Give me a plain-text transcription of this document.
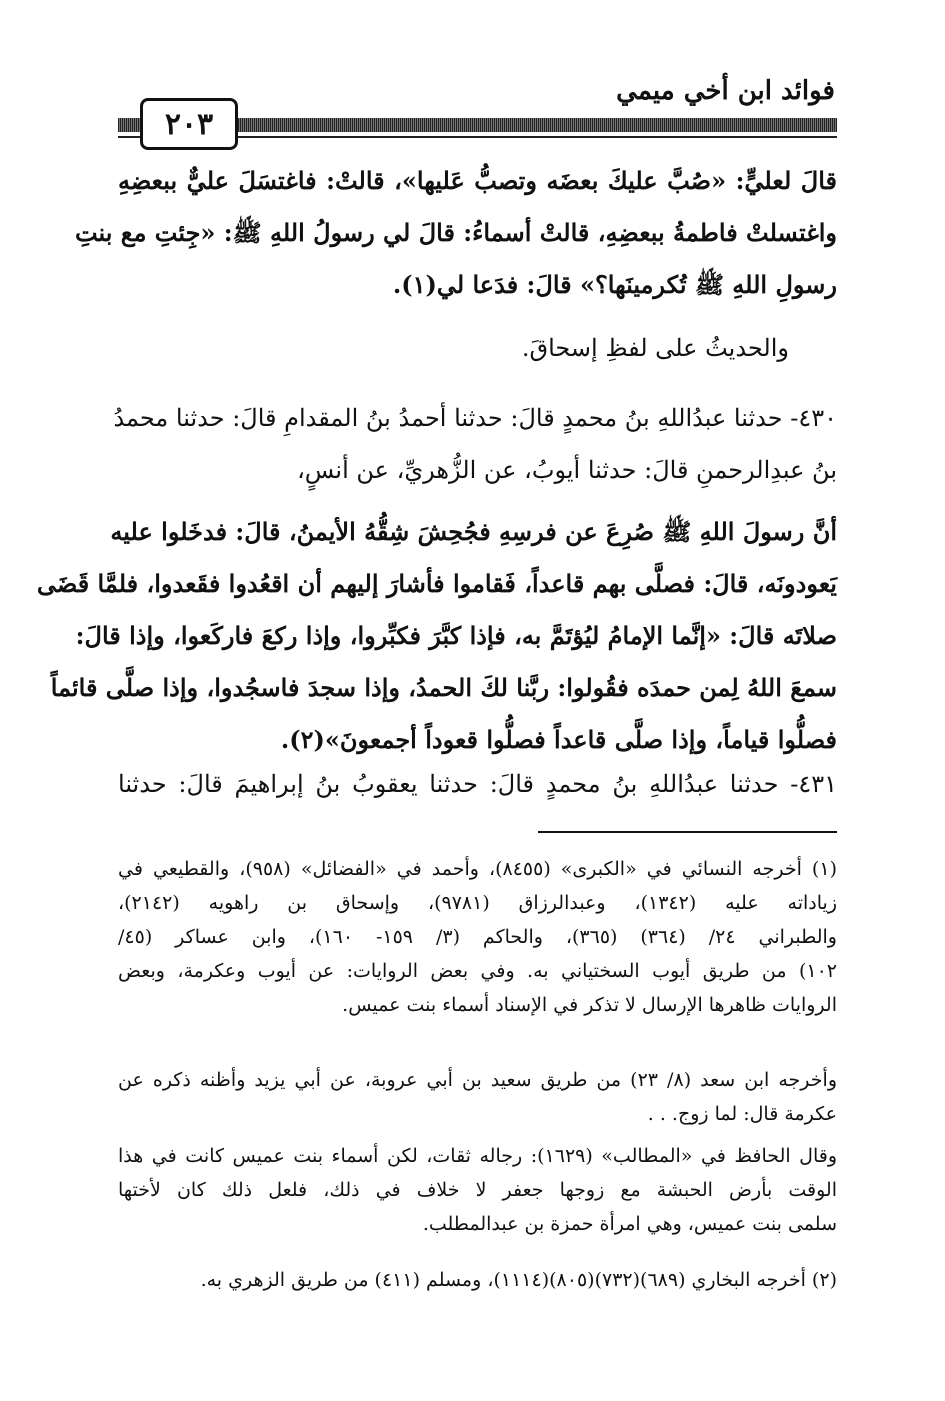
فوائد ابن أخي ميمي
٢٠٣
قالَ لعليٍّ: «صُبَّ عليكَ بعضَه وتصبُّ عَليها»، قالتْ: فاغتسَلَ عليٌّ ببعضِهِ
واغتسلتْ فاطمةُ ببعضِهِ، قالتْ أسماءُ: قالَ لي رسولُ اللهِ ﷺ: «جِئتِ مع بنتِ
رسولِ اللهِ ﷺ تُكرمينَها؟» قالَ: فدَعا لي(١).
والحديثُ على لفظِ إسحاقَ.
٤٣٠- حدثنا عبدُاللهِ بنُ محمدٍ قالَ: حدثنا أحمدُ بنُ المقدامِ قالَ: حدثنا محمدُ
بنُ عبدِالرحمنِ قالَ: حدثنا أيوبُ، عن الزُّهريِّ، عن أنسٍ،
أنَّ رسولَ اللهِ ﷺ صُرِعَ عن فرسِهِ فجُحِشَ شِقُّهُ الأيمنُ، قالَ: فدخَلوا عليه
يَعودونَه، قالَ: فصلَّى بهم قاعداً، فَقاموا فأشارَ إليهم أن اقعُدوا فقَعدوا، فلمَّا قَضَى
صلاتَه قالَ: «إنَّما الإمامُ ليُؤتَمَّ به، فإذا كبَّرَ فكبِّروا، وإذا ركعَ فاركَعوا، وإذا قالَ:
سمعَ اللهُ لِمن حمدَه فقُولوا: ربَّنا لكَ الحمدُ، وإذا سجدَ فاسجُدوا، وإذا صلَّى قائماً
فصلُّوا قياماً، وإذا صلَّى قاعداً فصلُّوا قعوداً أجمعونَ»(٢).
٤٣١- حدثنا عبدُاللهِ بنُ محمدٍ قالَ: حدثنا يعقوبُ بنُ إبراهيمَ قالَ: حدثنا
(١) أخرجه النسائي في «الكبرى» (٨٤٥٥)، وأحمد في «الفضائل» (٩٥٨)، والقطيعي في
زياداته عليه (١٣٤٢)، وعبدالرزاق (٩٧٨١)، وإسحاق بن راهويه (٢١٤٢)،
والطبراني ٢٤/ (٣٦٤) (٣٦٥)، والحاكم (٣/ ١٥٩- ١٦٠)، وابن عساكر (٤٥/
١٠٢) من طريق أيوب السختياني به. وفي بعض الروايات: عن أيوب وعكرمة، وبعض
الروايات ظاهرها الإرسال لا تذكر في الإسناد أسماء بنت عميس.
وأخرجه ابن سعد (٨/ ٢٣) من طريق سعيد بن أبي عروبة، عن أبي يزيد وأظنه ذكره عن
عكرمة قال: لما زوج. . .
وقال الحافظ في «المطالب» (١٦٢٩): رجاله ثقات، لكن أسماء بنت عميس كانت في هذا
الوقت بأرض الحبشة مع زوجها جعفر لا خلاف في ذلك، فلعل ذلك كان لأختها
سلمى بنت عميس، وهي امرأة حمزة بن عبدالمطلب.
(٢) أخرجه البخاري (٦٨٩)(٧٣٢)(٨٠٥)(١١١٤)، ومسلم (٤١١) من طريق الزهري به.
